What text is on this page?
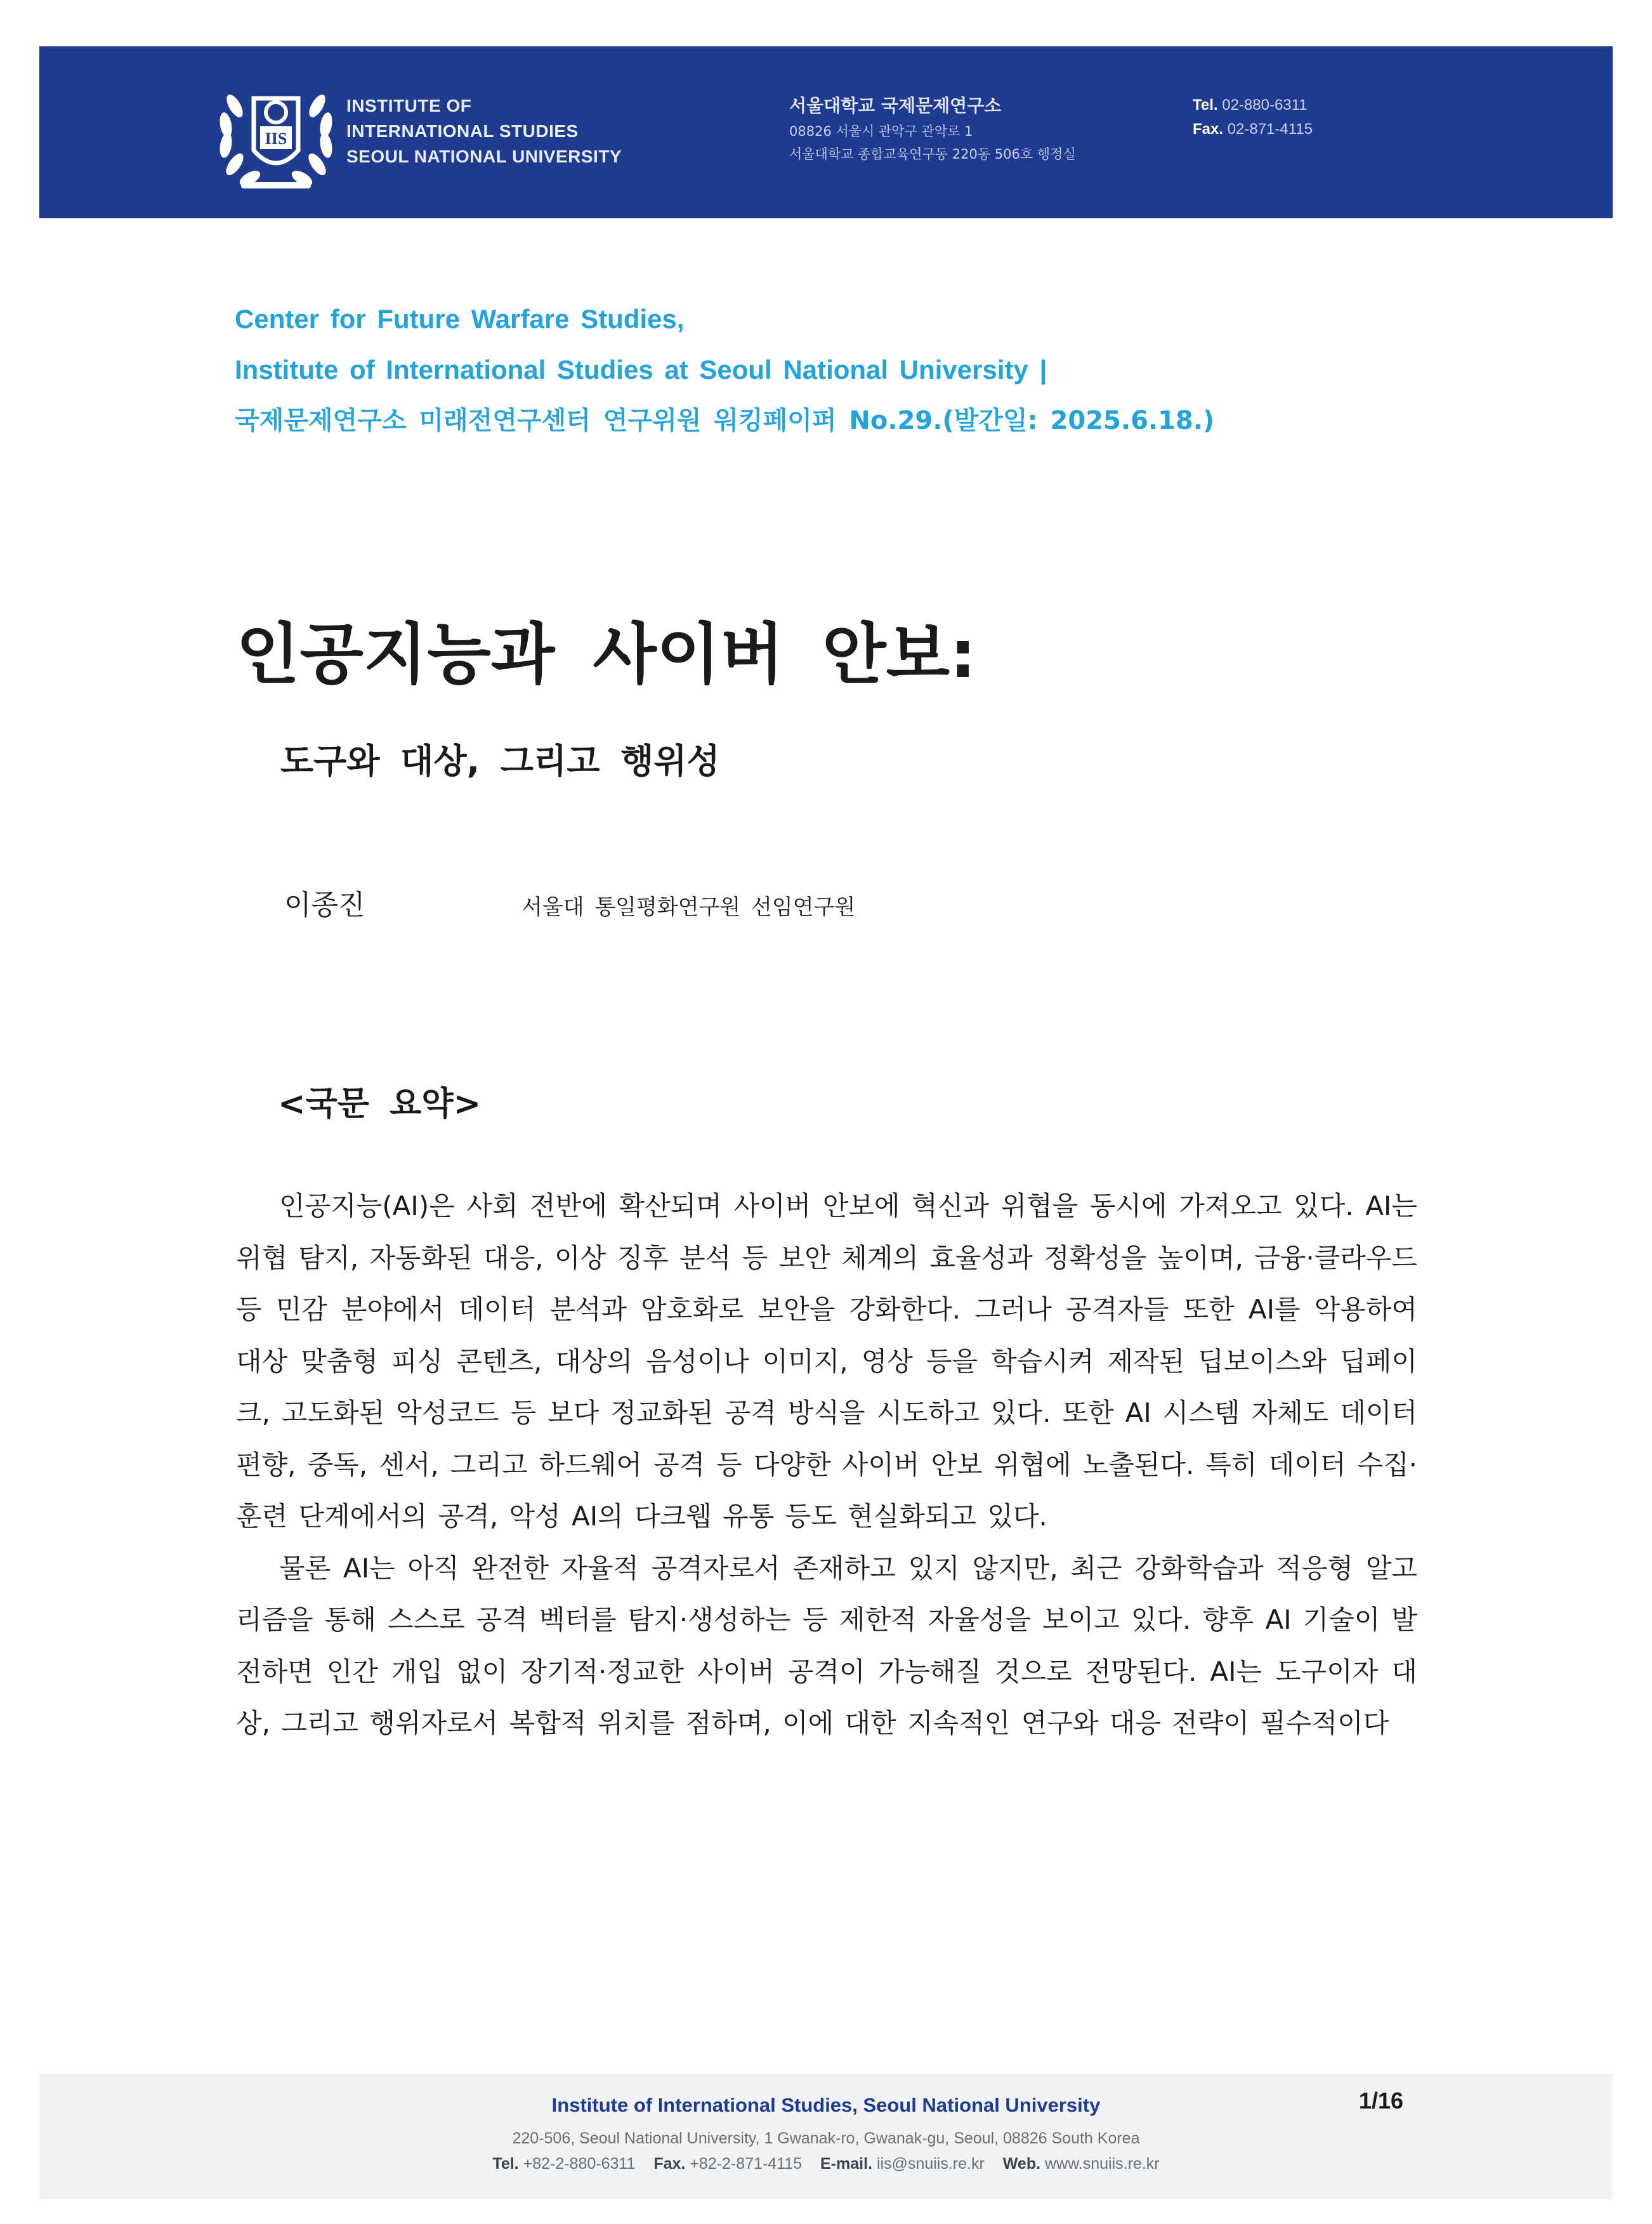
IIS
INSTITUTE OF
INTERNATIONAL STUDIES
SEOUL NATIONAL UNIVERSITY
서울대학교 국제문제연구소
08826 서울시 관악구 관악로 1
서울대학교 종합교육연구동 220동 506호 행정실
Tel. 02-880-6311
Fax. 02-871-4115
Center for Future Warfare Studies,
Institute of International Studies at Seoul National University |
국제문제연구소 미래전연구센터 연구위원 워킹페이퍼 No.29.(발간일: 2025.6.18.)
인공지능과 사이버 안보:
도구와 대상, 그리고 행위성
이종진	서울대 통일평화연구원 선임연구원
<국문 요약>

인공지능(AI)은 사회 전반에 확산되며 사이버 안보에 혁신과 위협을 동시에 가져오고 있다. AI는 위협 탐지, 자동화된 대응, 이상 징후 분석 등 보안 체계의 효율성과 정확성을 높이며, 금융·클라우드 등 민감 분야에서 데이터 분석과 암호화로 보안을 강화한다. 그러나 공격자들 또한 AI를 악용하여 대상 맞춤형 피싱 콘텐츠, 대상의 음성이나 이미지, 영상 등을 학습시켜 제작된 딥보이스와 딥페이크, 고도화된 악성코드 등 보다 정교화된 공격 방식을 시도하고 있다. 또한 AI 시스템 자체도 데이터 편향, 중독, 센서, 그리고 하드웨어 공격 등 다양한 사이버 안보 위협에 노출된다. 특히 데이터 수집·훈련 단계에서의 공격, 악성 AI의 다크웹 유통 등도 현실화되고 있다.

물론 AI는 아직 완전한 자율적 공격자로서 존재하고 있지 않지만, 최근 강화학습과 적응형 알고리즘을 통해 스스로 공격 벡터를 탐지·생성하는 등 제한적 자율성을 보이고 있다. 향후 AI 기술이 발전하면 인간 개입 없이 장기적·정교한 사이버 공격이 가능해질 것으로 전망된다. AI는 도구이자 대상, 그리고 행위자로서 복합적 위치를 점하며, 이에 대한 지속적인 연구와 대응 전략이 필수적이다

Institute of International Studies, Seoul National University
220-506, Seoul National University, 1 Gwanak-ro, Gwanak-gu, Seoul, 08826 South Korea
Tel. +82-2-880-6311 Fax. +82-2-871-4115 E-mail. iis@snuiis.re.kr Web. www.snuiis.re.kr
1/16
